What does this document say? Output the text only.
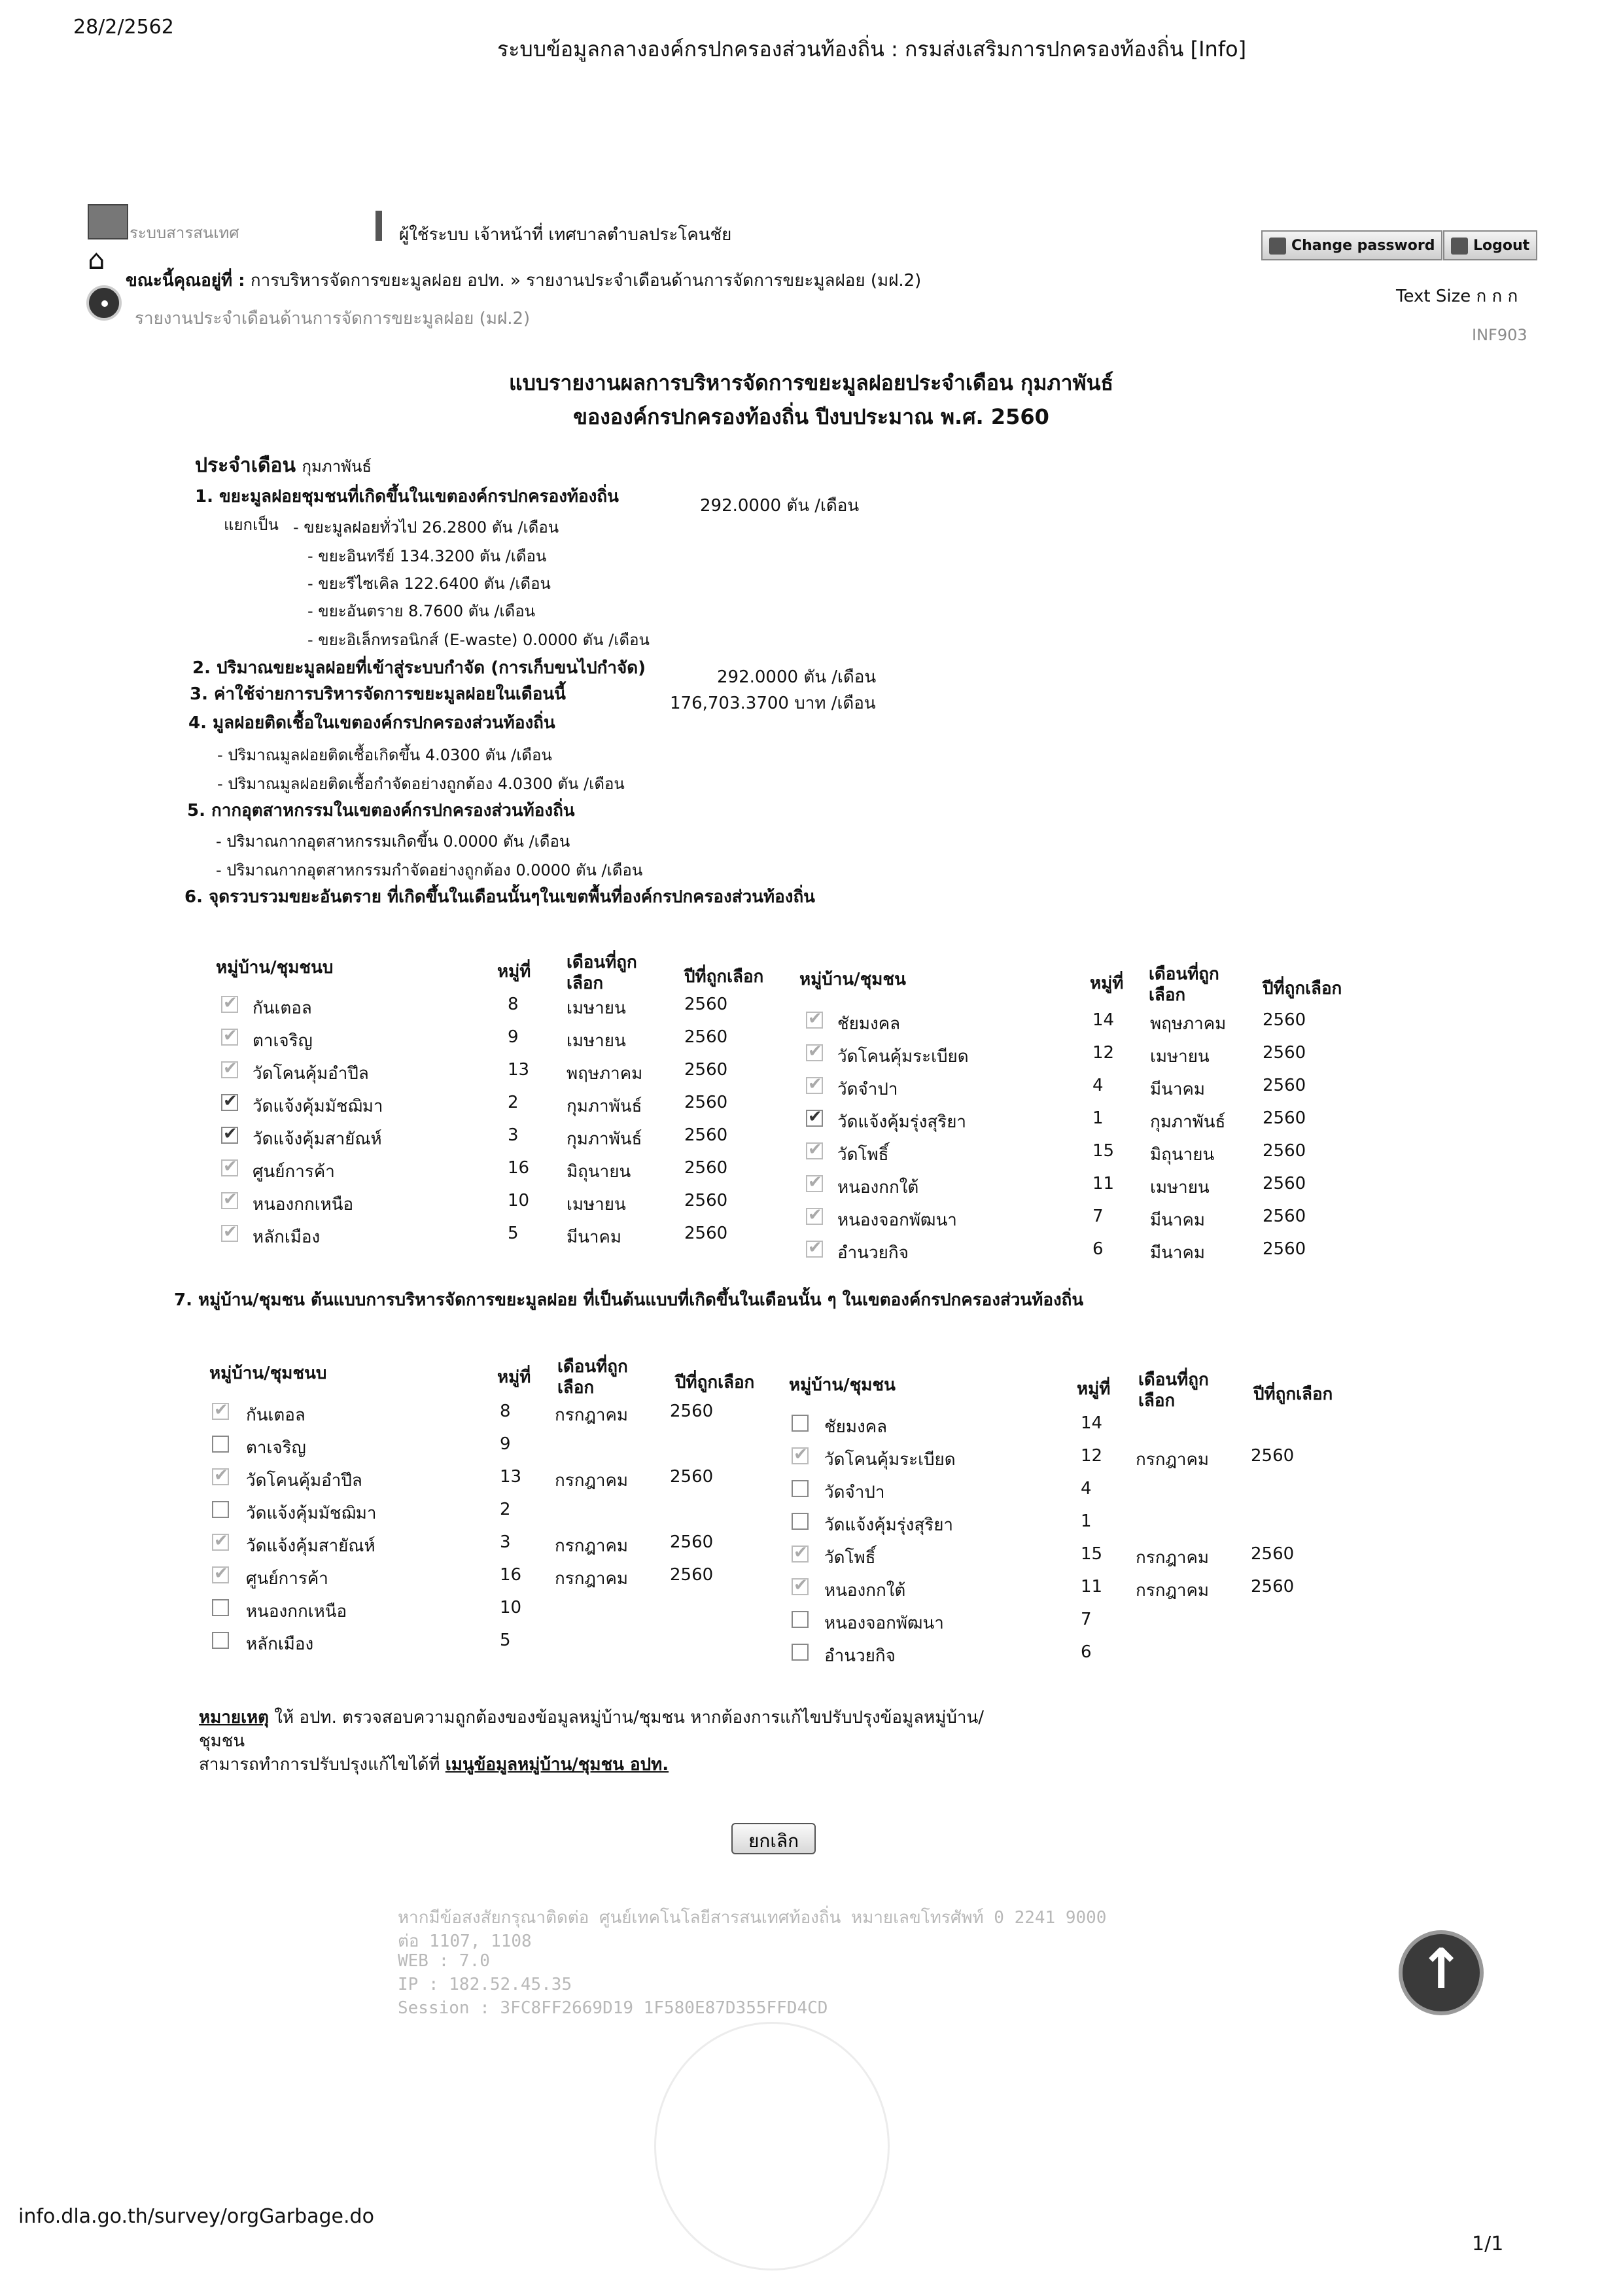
28/2/2562
ระบบข้อมูลกลางองค์กรปกครองส่วนท้องถิ่น : กรมส่งเสริมการปกครองท้องถิ่น [Info]
info.dla.go.th/survey/orgGarbage.do
1/1
ระบบสารสนเทศ	ผู้ใช้ระบบ เจ้าหน้าที่ เทศบาลตำบลประโคนชัย
Change password	Logout
Text Size ก ก ก
INF903
⌂
ขณะนี้คุณอยู่ที่ : การบริหารจัดการขยะมูลฝอย อปท. » รายงานประจำเดือนด้านการจัดการขยะมูลฝอย (มฝ.2)
รายงานประจำเดือนด้านการจัดการขยะมูลฝอย (มฝ.2)
แบบรายงานผลการบริหารจัดการขยะมูลฝอยประจำเดือน กุมภาพันธ์
ขององค์กรปกครองท้องถิ่น ปีงบประมาณ พ.ศ. 2560
ประจำเดือน กุมภาพันธ์
1. ขยะมูลฝอยชุมชนที่เกิดขึ้นในเขตองค์กรปกครองท้องถิ่น	292.0000 ตัน /เดือน
แยกเป็น - ขยะมูลฝอยทั่วไป 26.2800 ตัน /เดือน
- ขยะอินทรีย์ 134.3200 ตัน /เดือน
- ขยะรีไซเคิล 122.6400 ตัน /เดือน
- ขยะอันตราย 8.7600 ตัน /เดือน
- ขยะอิเล็กทรอนิกส์ (E-waste) 0.0000 ตัน /เดือน
2. ปริมาณขยะมูลฝอยที่เข้าสู่ระบบกำจัด (การเก็บขนไปกำจัด)	292.0000 ตัน /เดือน
3. ค่าใช้จ่ายการบริหารจัดการขยะมูลฝอยในเดือนนี้	176,703.3700 บาท /เดือน
4. มูลฝอยติดเชื้อในเขตองค์กรปกครองส่วนท้องถิ่น
- ปริมาณมูลฝอยติดเชื้อเกิดขึ้น 4.0300 ตัน /เดือน
- ปริมาณมูลฝอยติดเชื้อกำจัดอย่างถูกต้อง 4.0300 ตัน /เดือน
5. กากอุตสาหกรรมในเขตองค์กรปกครองส่วนท้องถิ่น
- ปริมาณกากอุตสาหกรรมเกิดขึ้น 0.0000 ตัน /เดือน
- ปริมาณกากอุตสาหกรรมกำจัดอย่างถูกต้อง 0.0000 ตัน /เดือน
6. จุดรวบรวมขยะอันตราย ที่เกิดขึ้นในเดือนนั้นๆในเขตพื้นที่องค์กรปกครองส่วนท้องถิ่น
หมู่บ้าน/ชุมชนบ	หมู่ที่ เดือนที่ถูก
เลือก	ปีที่ถูกเลือก หมู่บ้าน/ชุมชน	หมู่ที่ เดือนที่ถูก
เลือก	ปีที่ถูกเลือก
✔
กันเตอล	8	เมษายน	2560
✔
ตาเจริญ	9	เมษายน	2560
✔
วัดโคนคุ้มอำปึล	13 พฤษภาคม 2560
✔
วัดแจ้งคุ้มมัชฌิมา	2	กุมภาพันธ์ 2560
✔
วัดแจ้งคุ้มสายัณห์	3	กุมภาพันธ์ 2560
✔
ศูนย์การค้า	16 มิถุนายน	2560
✔
หนองกกเหนือ	10 เมษายน	2560
✔
หลักเมือง	5	มีนาคม	2560
✔
ชัยมงคล	14 พฤษภาคม 2560
✔
วัดโคนคุ้มระเบียด	12 เมษายน	2560
✔
วัดจำปา	4	มีนาคม	2560
✔
วัดแจ้งคุ้มรุ่งสุริยา	1	กุมภาพันธ์ 2560
✔
วัดโพธิ์	15 มิถุนายน	2560
✔
หนองกกใต้	11 เมษายน	2560
✔
หนองจอกพัฒนา	7	มีนาคม	2560
✔
อำนวยกิจ	6	มีนาคม	2560
7. หมู่บ้าน/ชุมชน ต้นแบบการบริหารจัดการขยะมูลฝอย ที่เป็นต้นแบบที่เกิดขึ้นในเดือนนั้น ๆ ในเขตองค์กรปกครองส่วนท้องถิ่น
หมู่บ้าน/ชุมชนบ	หมู่ที่
เดือนที่ถูก
เลือก	ปีที่ถูกเลือก หมู่บ้าน/ชุมชน	หมู่ที่ เดือนที่ถูก
เลือก	ปีที่ถูกเลือก
✔
กันเตอล	8	กรกฎาคม 2560
ตาเจริญ	9
✔
วัดโคนคุ้มอำปึล	13 กรกฎาคม 2560
วัดแจ้งคุ้มมัชฌิมา	2
✔
วัดแจ้งคุ้มสายัณห์	3	กรกฎาคม 2560
✔
ศูนย์การค้า	16 กรกฎาคม 2560
หนองกกเหนือ	10
หลักเมือง	5
ชัยมงคล	14
✔
วัดโคนคุ้มระเบียด	12 กรกฎาคม 2560
วัดจำปา	4
วัดแจ้งคุ้มรุ่งสุริยา	1
✔
วัดโพธิ์	15 กรกฎาคม 2560
✔
หนองกกใต้	11 กรกฎาคม 2560
หนองจอกพัฒนา	7
อำนวยกิจ	6
หมายเหตุ ให้ อปท. ตรวจสอบความถูกต้องของข้อมูลหมู่บ้าน/ชุมชน หากต้องการแก้ไขปรับปรุงข้อมูลหมู่บ้าน/
ชุมชน
สามารถทำการปรับปรุงแก้ไขได้ที่ เมนูข้อมูลหมู่บ้าน/ชุมชน อปท.
ยกเลิก
หากมีข้อสงสัยกรุณาติดต่อ ศูนย์เทคโนโลยีสารสนเทศท้องถิ่น หมายเลขโทรศัพท์ 0 2241 9000
ต่อ 1107, 1108
WEB : 7.0
IP : 182.52.45.35
Session : 3FC8FF2669D19 1F580E87D355FFD4CD
↑
